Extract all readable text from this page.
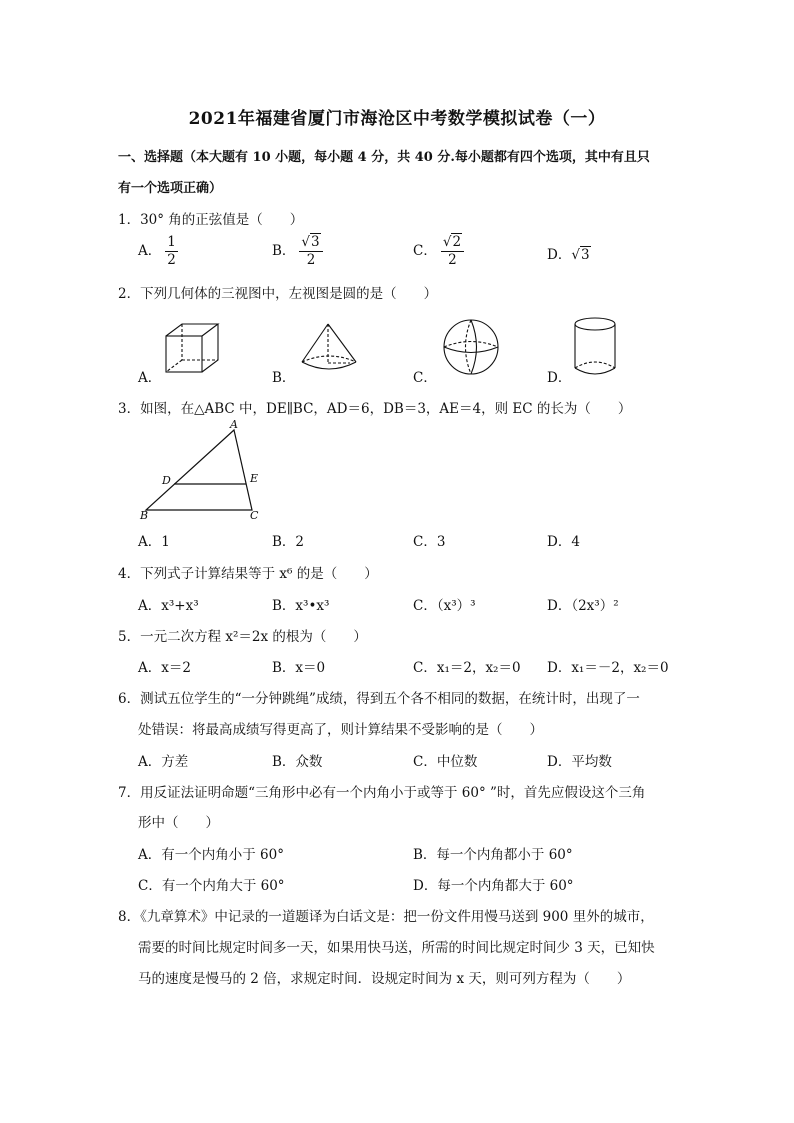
2021年福建省厦门市海沧区中考数学模拟试卷（一）
一、选择题（本大题有 10 小题，每小题 4 分，共 40 分.每小题都有四个选项，其中有且只
有一个选项正确）
1．30° 角的正弦值是（　　）
A． $\frac{1}{2}$	B． $\frac{√3}{2}$	C． $\frac{√2}{2}$	D．√3
2．下列几何体的三视图中，左视图是圆的是（　　）
A．	B．	C．	D．
3．如图，在△ABC 中，DE∥BC，AD＝6，DB＝3，AE＝4，则 EC 的长为（　　）
A
D	E
B	C
A．1	B．2	C．3	D．4
4．下列式子计算结果等于 x⁶ 的是（　　）
A．x³+x³	B．x³•x³	C．（x³）³	D．（2x³）²
5．一元二次方程 x²＝2x 的根为（　　）
A．x＝2	B．x＝0	C．x₁＝2，x₂＝0 D．x₁＝－2，x₂＝0
6．测试五位学生的“一分钟跳绳”成绩，得到五个各不相同的数据，在统计时，出现了一
处错误：将最高成绩写得更高了，则计算结果不受影响的是（　　）
A．方差	B．众数	C．中位数	D．平均数
7．用反证法证明命题“三角形中必有一个内角小于或等于 60° ”时，首先应假设这个三角
形中（　　）
A．有一个内角小于 60°	B．每一个内角都小于 60°
C．有一个内角大于 60°	D．每一个内角都大于 60°
8．《九章算术》中记录的一道题译为白话文是：把一份文件用慢马送到 900 里外的城市，
需要的时间比规定时间多一天，如果用快马送，所需的时间比规定时间少 3 天，已知快
马的速度是慢马的 2 倍，求规定时间．设规定时间为 x 天，则可列方程为（　　）
